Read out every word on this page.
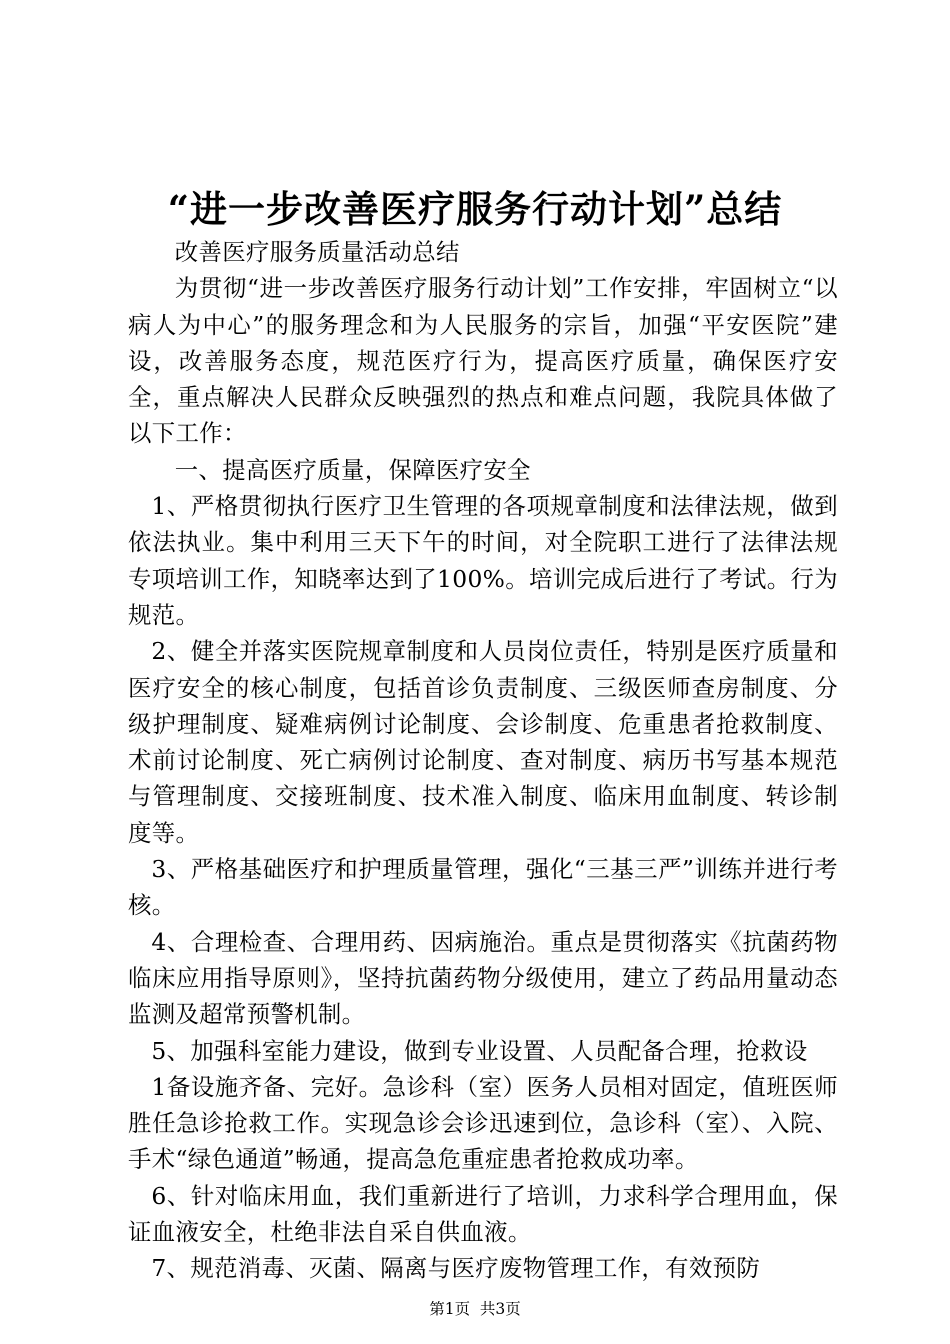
“进一步改善医疗服务行动计划”总结

改善医疗服务质量活动总结

为贯彻“进一步改善医疗服务行动计划”工作安排，牢固树立“以病人为中心”的服务理念和为人民服务的宗旨，加强“平安医院”建设，改善服务态度，规范医疗行为，提高医疗质量，确保医疗安全，重点解决人民群众反映强烈的热点和难点问题，我院具体做了以下工作：

一、提高医疗质量，保障医疗安全

1、严格贯彻执行医疗卫生管理的各项规章制度和法律法规，做到依法执业。集中利用三天下午的时间，对全院职工进行了法律法规专项培训工作，知晓率达到了100%。培训完成后进行了考试。行为规范。

2、健全并落实医院规章制度和人员岗位责任，特别是医疗质量和医疗安全的核心制度，包括首诊负责制度、三级医师查房制度、分级护理制度、疑难病例讨论制度、会诊制度、危重患者抢救制度、术前讨论制度、死亡病例讨论制度、查对制度、病历书写基本规范与管理制度、交接班制度、技术准入制度、临床用血制度、转诊制度等。

3、严格基础医疗和护理质量管理，强化“三基三严”训练并进行考核。

4、合理检查、合理用药、因病施治。重点是贯彻落实《抗菌药物临床应用指导原则》，坚持抗菌药物分级使用，建立了药品用量动态监测及超常预警机制。

5、加强科室能力建设，做到专业设置、人员配备合理，抢救设

1备设施齐备、完好。急诊科（室）医务人员相对固定，值班医师胜任急诊抢救工作。实现急诊会诊迅速到位，急诊科（室）、入院、手术“绿色通道”畅通，提高急危重症患者抢救成功率。

6、针对临床用血，我们重新进行了培训，力求科学合理用血，保证血液安全，杜绝非法自采自供血液。

7、规范消毒、灭菌、隔离与医疗废物管理工作，有效预防

第1页  共3页
